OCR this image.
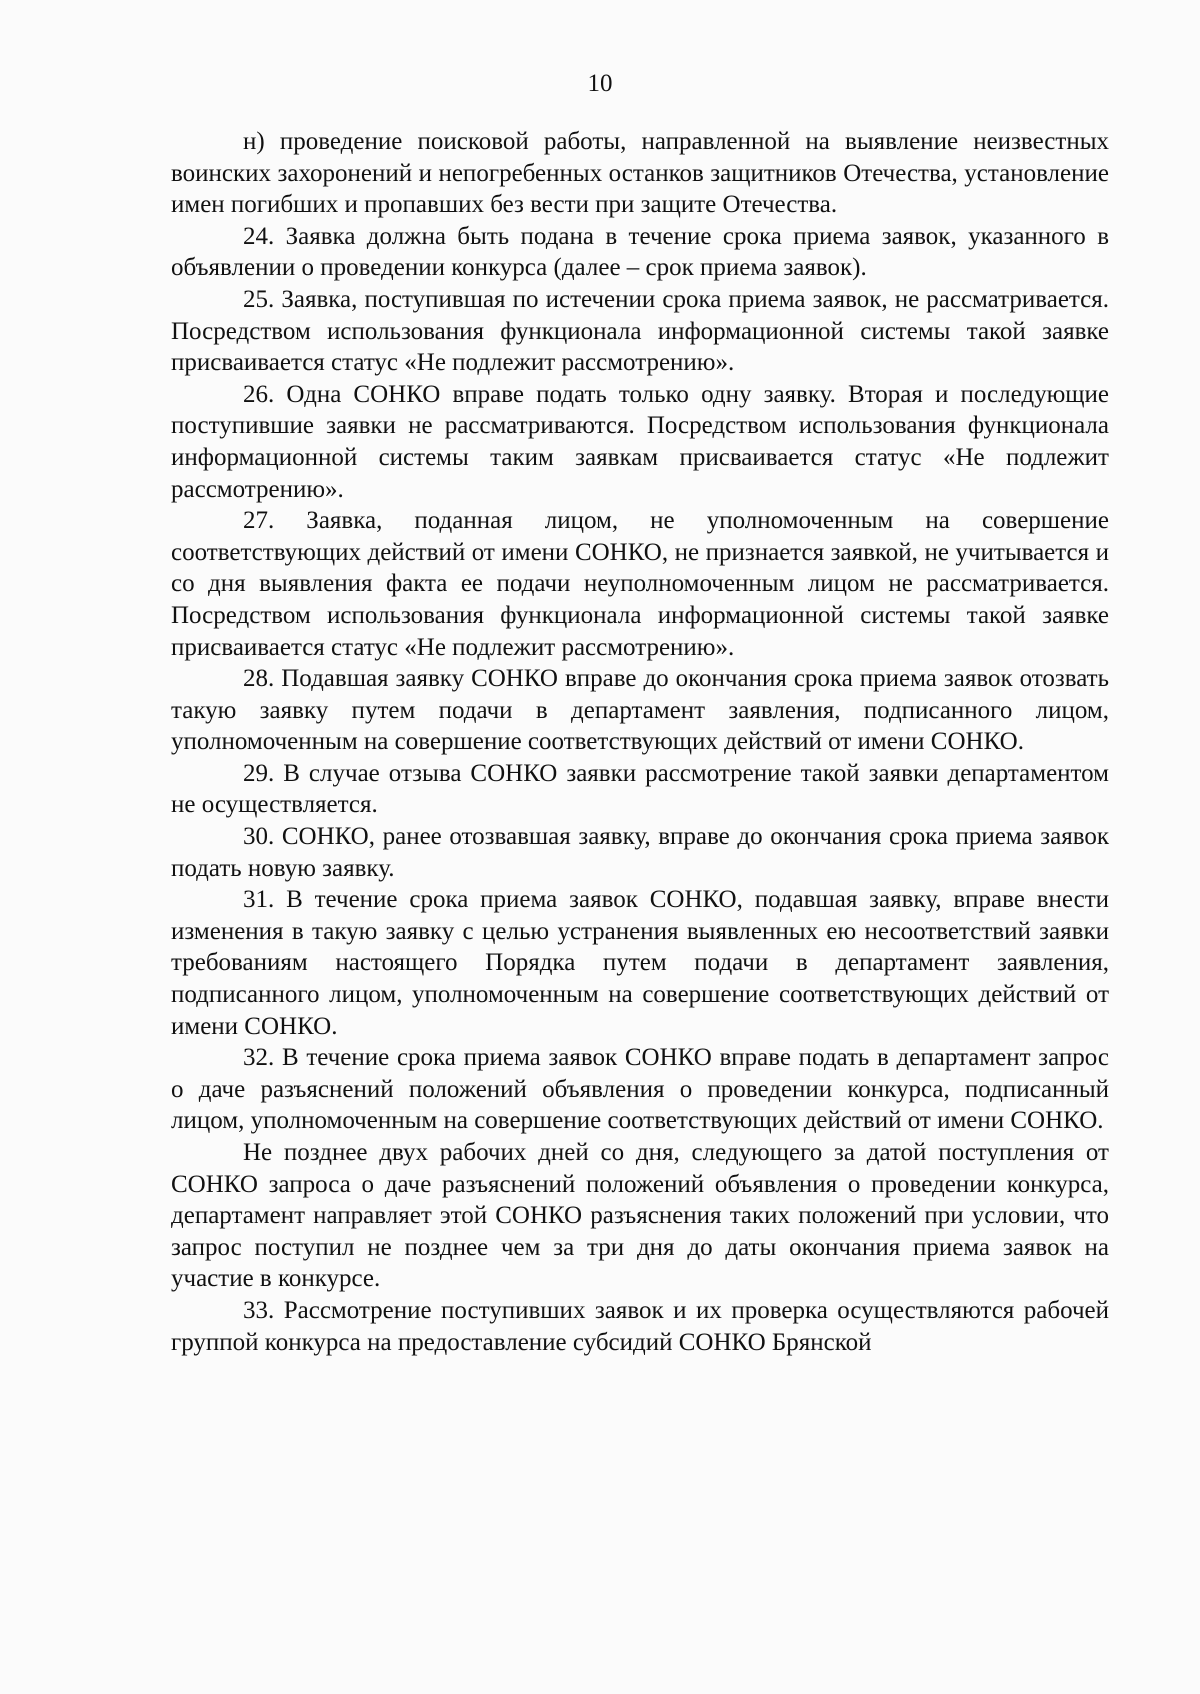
10

н) проведение поисковой работы, направленной на выявление неизвестных воинских захоронений и непогребенных останков защитников Отечества, установление имен погибших и пропавших без вести при защите Отечества.

24. Заявка должна быть подана в течение срока приема заявок, указанного в объявлении о проведении конкурса (далее – срок приема заявок).

25. Заявка, поступившая по истечении срока приема заявок, не рассматривается. Посредством использования функционала информационной системы такой заявке присваивается статус «Не подлежит рассмотрению».

26. Одна СОНКО вправе подать только одну заявку. Вторая и последующие поступившие заявки не рассматриваются. Посредством использования функционала информационной системы таким заявкам присваивается статус «Не подлежит рассмотрению».

27. Заявка, поданная лицом, не уполномоченным на совершение соответствующих действий от имени СОНКО, не признается заявкой, не учитывается и со дня выявления факта ее подачи неуполномоченным лицом не рассматривается. Посредством использования функционала информационной системы такой заявке присваивается статус «Не подлежит рассмотрению».

28. Подавшая заявку СОНКО вправе до окончания срока приема заявок отозвать такую заявку путем подачи в департамент заявления, подписанного лицом, уполномоченным на совершение соответствующих действий от имени СОНКО.

29. В случае отзыва СОНКО заявки рассмотрение такой заявки департаментом не осуществляется.

30. СОНКО, ранее отозвавшая заявку, вправе до окончания срока приема заявок подать новую заявку.

31. В течение срока приема заявок СОНКО, подавшая заявку, вправе внести изменения в такую заявку с целью устранения выявленных ею несоответствий заявки требованиям настоящего Порядка путем подачи в департамент заявления, подписанного лицом, уполномоченным на совершение соответствующих действий от имени СОНКО.

32. В течение срока приема заявок СОНКО вправе подать в департамент запрос о даче разъяснений положений объявления о проведении конкурса, подписанный лицом, уполномоченным на совершение соответствующих действий от имени СОНКО.

Не позднее двух рабочих дней со дня, следующего за датой поступления от СОНКО запроса о даче разъяснений положений объявления о проведении конкурса, департамент направляет этой СОНКО разъяснения таких положений при условии, что запрос поступил не позднее чем за три дня до даты окончания приема заявок на участие в конкурсе.

33. Рассмотрение поступивших заявок и их проверка осуществляются рабочей группой конкурса на предоставление субсидий СОНКО Брянской
